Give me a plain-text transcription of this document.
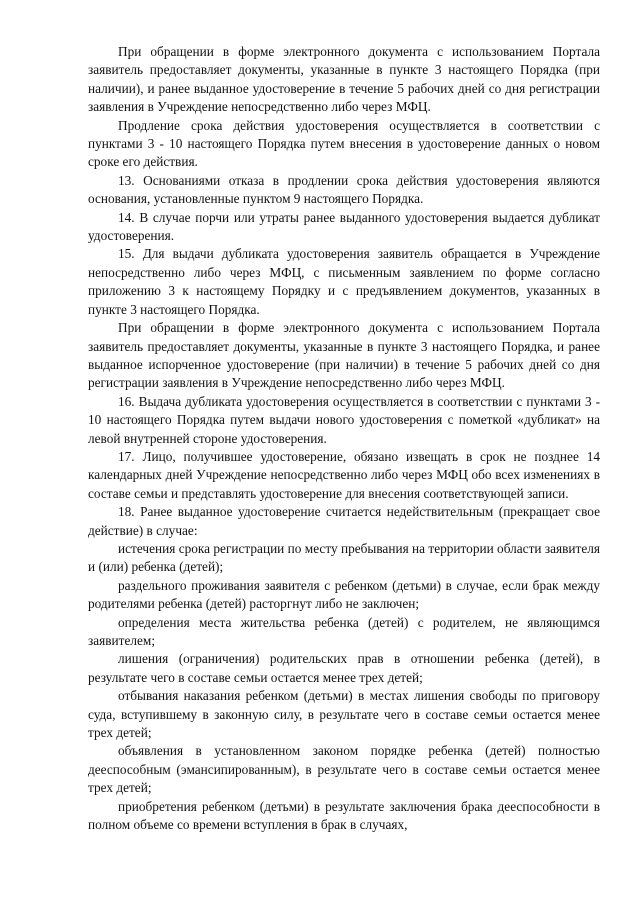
При обращении в форме электронного документа с использованием Портала заявитель предоставляет документы, указанные в пункте 3 настоящего Порядка (при наличии), и ранее выданное удостоверение в течение 5 рабочих дней со дня регистрации заявления в Учреждение непосредственно либо через МФЦ.

Продление срока действия удостоверения осуществляется в соответствии с пунктами 3 - 10 настоящего Порядка путем внесения в удостоверение данных о новом сроке его действия.

13. Основаниями отказа в продлении срока действия удостоверения являются основания, установленные пунктом 9 настоящего Порядка.

14. В случае порчи или утраты ранее выданного удостоверения выдается дубликат удостоверения.

15. Для выдачи дубликата удостоверения заявитель обращается в Учреждение непосредственно либо через МФЦ, с письменным заявлением по форме согласно приложению 3 к настоящему Порядку и с предъявлением документов, указанных в пункте 3 настоящего Порядка.

При обращении в форме электронного документа с использованием Портала заявитель предоставляет документы, указанные в пункте 3 настоящего Порядка, и ранее выданное испорченное удостоверение (при наличии) в течение 5 рабочих дней со дня регистрации заявления в Учреждение непосредственно либо через МФЦ.

16. Выдача дубликата удостоверения осуществляется в соответствии с пунктами 3 - 10 настоящего Порядка путем выдачи нового удостоверения с пометкой «дубликат» на левой внутренней стороне удостоверения.

17. Лицо, получившее удостоверение, обязано извещать в срок не позднее 14 календарных дней Учреждение непосредственно либо через МФЦ обо всех изменениях в составе семьи и представлять удостоверение для внесения соответствующей записи.

18. Ранее выданное удостоверение считается недействительным (прекращает свое действие) в случае:

истечения срока регистрации по месту пребывания на территории области заявителя и (или) ребенка (детей);

раздельного проживания заявителя с ребенком (детьми) в случае, если брак между родителями ребенка (детей) расторгнут либо не заключен;

определения места жительства ребенка (детей) с родителем, не являющимся заявителем;

лишения (ограничения) родительских прав в отношении ребенка (детей), в результате чего в составе семьи остается менее трех детей;

отбывания наказания ребенком (детьми) в местах лишения свободы по приговору суда, вступившему в законную силу, в результате чего в составе семьи остается менее трех детей;

объявления в установленном законом порядке ребенка (детей) полностью дееспособным (эмансипированным), в результате чего в составе семьи остается менее трех детей;

приобретения ребенком (детьми) в результате заключения брака дееспособности в полном объеме со времени вступления в брак в случаях,
